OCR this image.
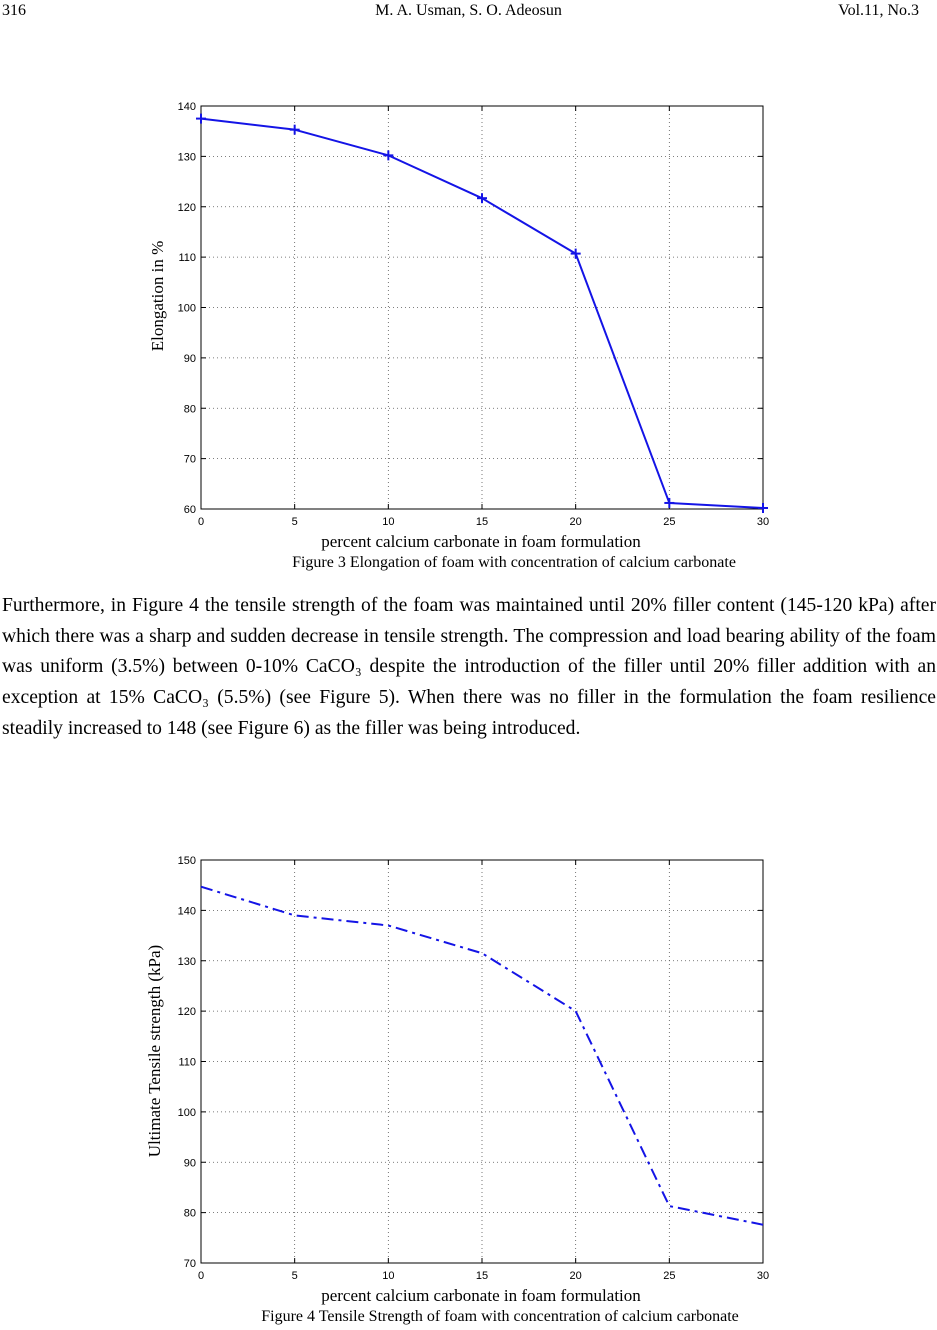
316	M. A. Usman, S. O. Adeosun	Vol.11, No.3
0	5	10	15	20	25	30
60
70
80
90
100
110
120
130
140
Elongation in %
percent calcium carbonate in foam formulation
Figure 3 Elongation of foam with concentration of calcium carbonate
Furthermore, in Figure 4 the tensile strength of the foam was maintained until 20% filler content (145-120 kPa) after which there was a sharp and sudden decrease in tensile strength. The compression and load bearing ability of the foam was uniform (3.5%) between 0-10% CaCO₃ despite the introduction of the filler until 20% filler addition with an exception at 15% CaCO₃ (5.5%) (see Figure 5). When there was no filler in the formulation the foam resilience steadily increased to 148 (see Figure 6) as the filler was being introduced.
0	5	10	15	20	25	30
70
80
90
100
110
120
130
140
150
Ultimate Tensile strength (kPa)
percent calcium carbonate in foam formulation
Figure 4 Tensile Strength of foam with concentration of calcium carbonate
